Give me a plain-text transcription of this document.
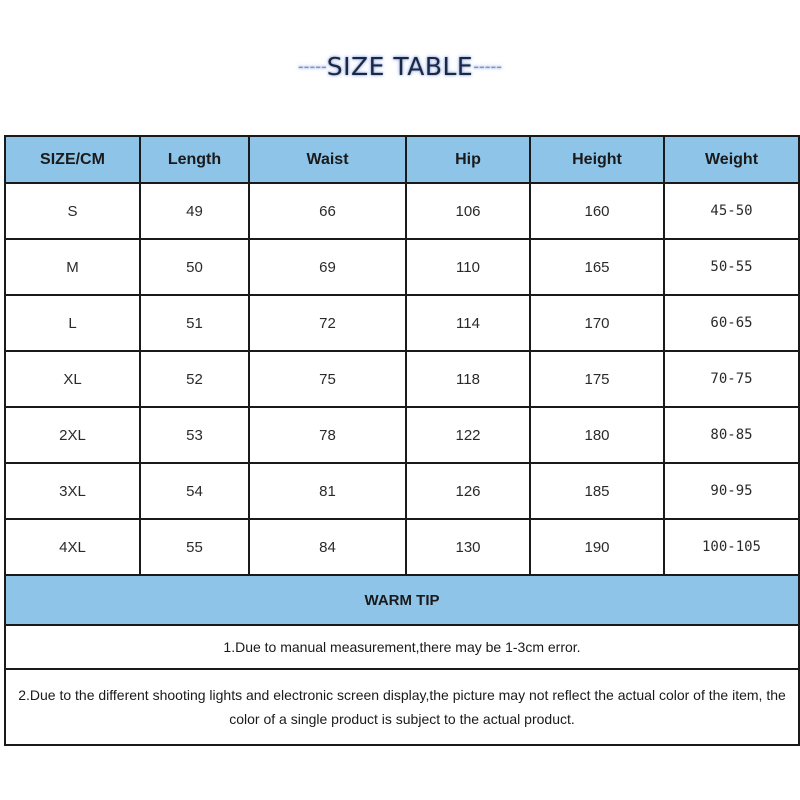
-----SIZE TABLE-----
SIZE/CM	Length	Waist	Hip	Height	Weight
S	49	66	106	160	45-50
M	50	69	110	165	50-55
L	51	72	114	170	60-65
XL	52	75	118	175	70-75
2XL	53	78	122	180	80-85
3XL	54	81	126	185	90-95
4XL	55	84	130	190	100-105
WARM TIP					
1.Due to manual measurement,there may be 1-3cm error.					
2.Due to the different shooting lights and electronic screen display,the picture may not reflect the actual color of the item, the color of a single product is subject to the actual product.					
